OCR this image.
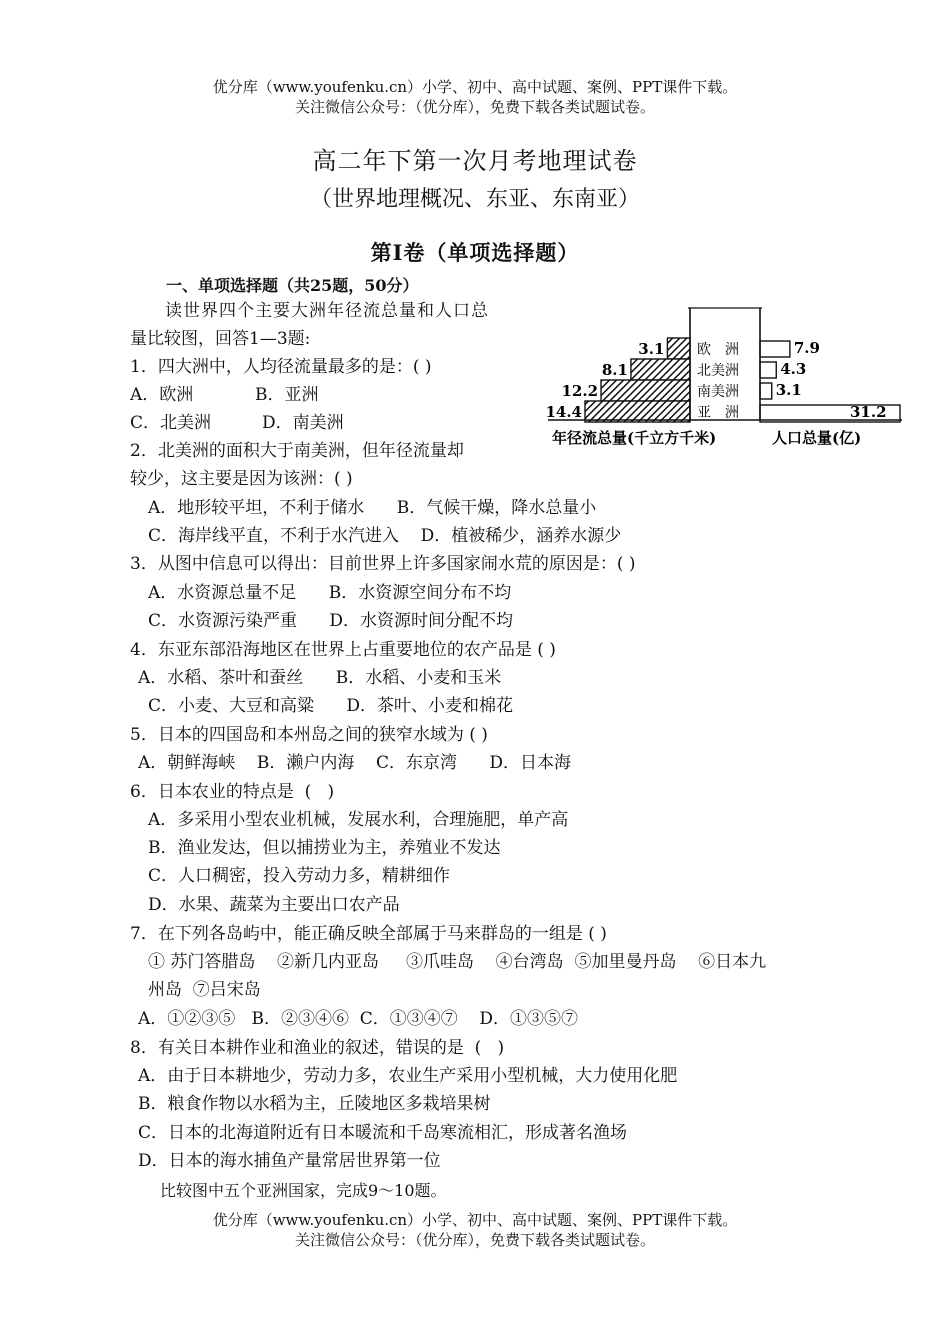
优分库（www.youfenku.cn）小学、初中、高中试题、案例、PPT课件下载。
关注微信公众号：（优分库），免费下载各类试题试卷。
高二年下第一次月考地理试卷
（世界地理概况、东亚、东南亚）
第Ⅰ卷（单项选择题）
一、单项选择题（共25题，50分）
读世界四个主要大洲年径流总量和人口总
量比较图，回答1—3题:
1．四大洲中，人均径流量最多的是：( )
A．欧洲	B．亚洲
C．北美洲	D．南美洲
2．北美洲的面积大于南美洲，但年径流量却
较少，这主要是因为该洲：( )
A．地形较平坦，不利于储水      B．气候干燥，降水总量小
C．海岸线平直，不利于水汽进入    D．植被稀少，涵养水源少
3．从图中信息可以得出：目前世界上许多国家闹水荒的原因是：( )
A．水资源总量不足      B．水资源空间分布不均
C．水资源污染严重      D．水资源时间分配不均
4．东亚东部沿海地区在世界上占重要地位的农产品是 ( )
A．水稻、茶叶和蚕丝      B．水稻、小麦和玉米
C．小麦、大豆和高粱      D．茶叶、小麦和棉花
5．日本的四国岛和本州岛之间的狭窄水域为 ( )
A．朝鲜海峡    B．濑户内海    C．东京湾      D．日本海
6．日本农业的特点是  (   )
A．多采用小型农业机械，发展水利，合理施肥，单产高
B．渔业发达，但以捕捞业为主，养殖业不发达
C．人口稠密，投入劳动力多，精耕细作
D．水果、蔬菜为主要出口农产品
7．在下列各岛屿中，能正确反映全部属于马来群岛的一组是 ( )
① 苏门答腊岛    ②新几内亚岛     ③爪哇岛    ④台湾岛  ⑤加里曼丹岛    ⑥日本九
州岛  ⑦吕宋岛
A．①②③⑤   B．②③④⑥  C．①③④⑦    D．①③⑤⑦
8．有关日本耕作业和渔业的叙述，错误的是  (   )
A．由于日本耕地少，劳动力多，农业生产采用小型机械，大力使用化肥
B．粮食作物以水稻为主，丘陵地区多栽培果树
C．日本的北海道附近有日本暖流和千岛寒流相汇，形成著名渔场
D．日本的海水捕鱼产量常居世界第一位
比较图中五个亚洲国家，完成9～10题。
优分库（www.youfenku.cn）小学、初中、高中试题、案例、PPT课件下载。
关注微信公众号：（优分库），免费下载各类试题试卷。
3.1
8.1
12.2
14.4
7.9
4.3
3.1
31.2
欧　洲
北美洲
南美洲
亚　洲
年径流总量(千立方千米)	人口总量(亿)
